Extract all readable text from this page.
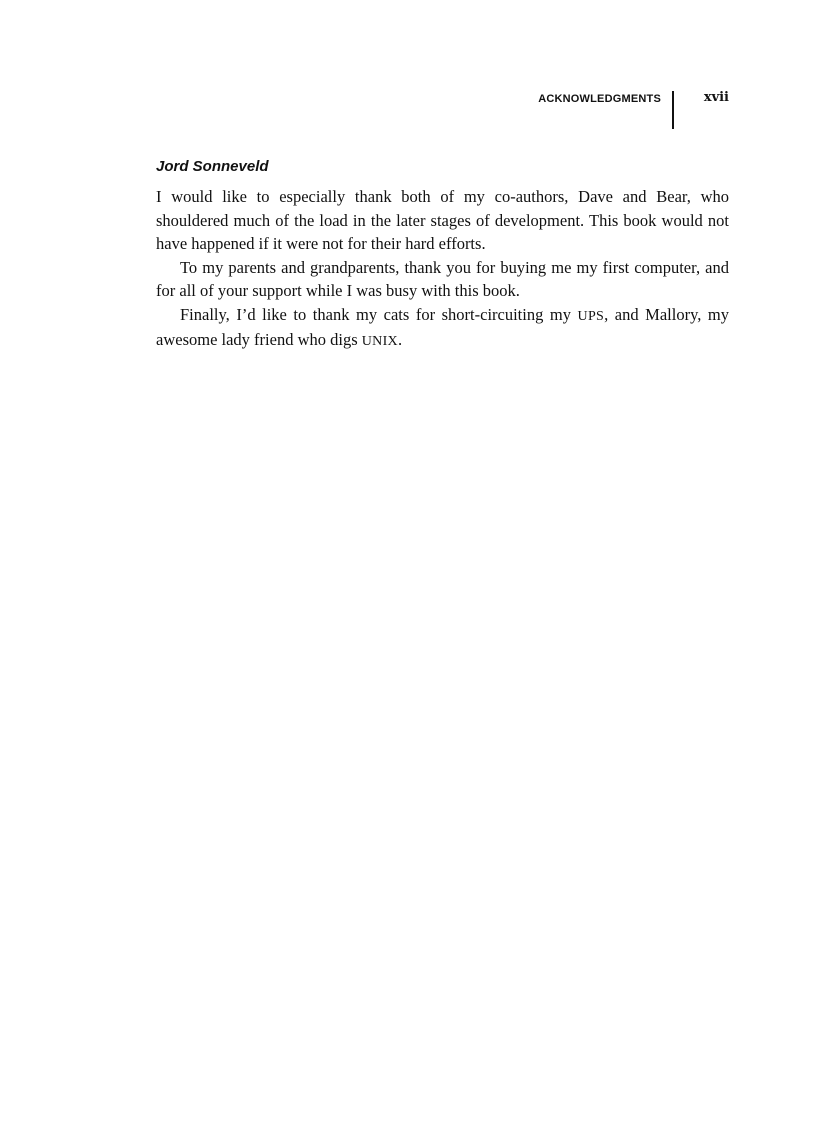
ACKNOWLEDGMENTS	xvii
Jord Sonneveld

I would like to especially thank both of my co-authors, Dave and Bear, who shouldered much of the load in the later stages of development. This book would not have happened if it were not for their hard efforts.

To my parents and grandparents, thank you for buying me my first computer, and for all of your support while I was busy with this book.

Finally, I’d like to thank my cats for short-circuiting my UPS, and Mallory, my awesome lady friend who digs UNIX.
